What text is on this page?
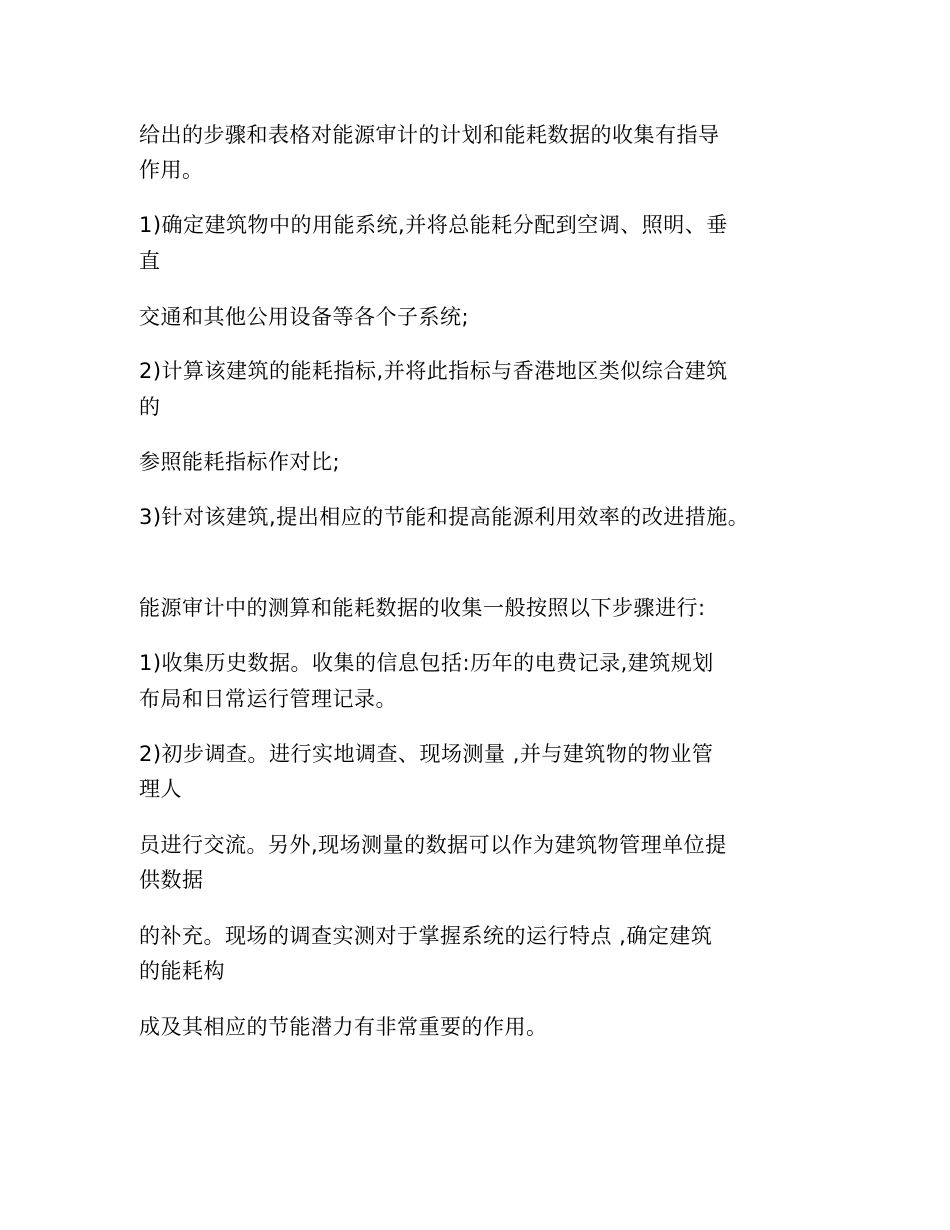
给出的步骤和表格对能源审计的计划和能耗数据的收集有指导
作用。
1)确定建筑物中的用能系统,并将总能耗分配到空调、照明、垂
直
交通和其他公用设备等各个子系统;
2)计算该建筑的能耗指标,并将此指标与香港地区类似综合建筑
的
参照能耗指标作对比;
3)针对该建筑,提出相应的节能和提高能源利用效率的改进措施。
能源审计中的测算和能耗数据的收集一般按照以下步骤进行:
1)收集历史数据。收集的信息包括:历年的电费记录,建筑规划
布局和日常运行管理记录。
2)初步调查。进行实地调查、现场测量 ,并与建筑物的物业管
理人
员进行交流。另外,现场测量的数据可以作为建筑物管理单位提
供数据
的补充。现场的调查实测对于掌握系统的运行特点 ,确定建筑
的能耗构
成及其相应的节能潜力有非常重要的作用。
